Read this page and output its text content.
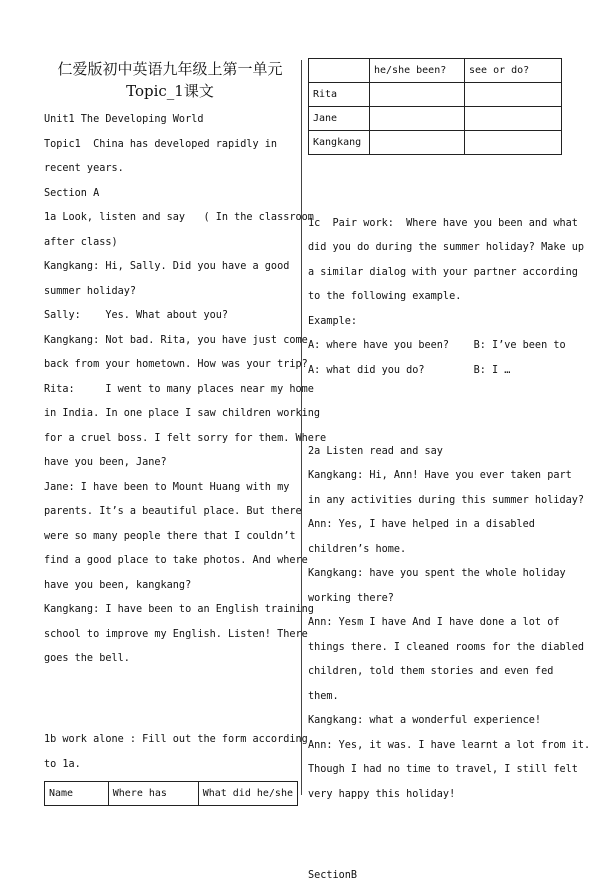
仁爱版初中英语九年级上第一单元

Topic_1课文

Unit1 The Developing World

Topic1  China has developed rapidly in

recent years.

Section A

1a Look, listen and say   ( In the classroom

after class)

Kangkang: Hi, Sally. Did you have a good

summer holiday?

Sally:    Yes. What about you?

Kangkang: Not bad. Rita, you have just come

back from your hometown. How was your trip?

Rita:     I went to many places near my home

in India. In one place I saw children working

for a cruel boss. I felt sorry for them. Where

have you been, Jane?

Jane: I have been to Mount Huang with my

parents. It’s a beautiful place. But there

were so many people there that I couldn’t

find a good place to take photos. And where

have you been, kangkang?

Kangkang: I have been to an English training

school to improve my English. Listen! There

goes the bell.

1b work alone : Fill out the form according

to 1a.

Name	Where has	What did he/she
	he/she been?	see or do?
Rita		
Jane		
Kangkang		

1c  Pair work:  Where have you been and what

did you do during the summer holiday? Make up

a similar dialog with your partner according

to the following example.

Example:

A: where have you been?    B: I’ve been to

A: what did you do?        B: I …

2a Listen read and say

Kangkang: Hi, Ann! Have you ever taken part

in any activities during this summer holiday?

Ann: Yes, I have helped in a disabled

children’s home.

Kangkang: have you spent the whole holiday

working there?

Ann: Yesm I have And I have done a lot of

things there. I cleaned rooms for the diabled

children, told them stories and even fed

them.

Kangkang: what a wonderful experience!

Ann: Yes, it was. I have learnt a lot from it.

Though I had no time to travel, I still felt

very happy this holiday!

SectionB
